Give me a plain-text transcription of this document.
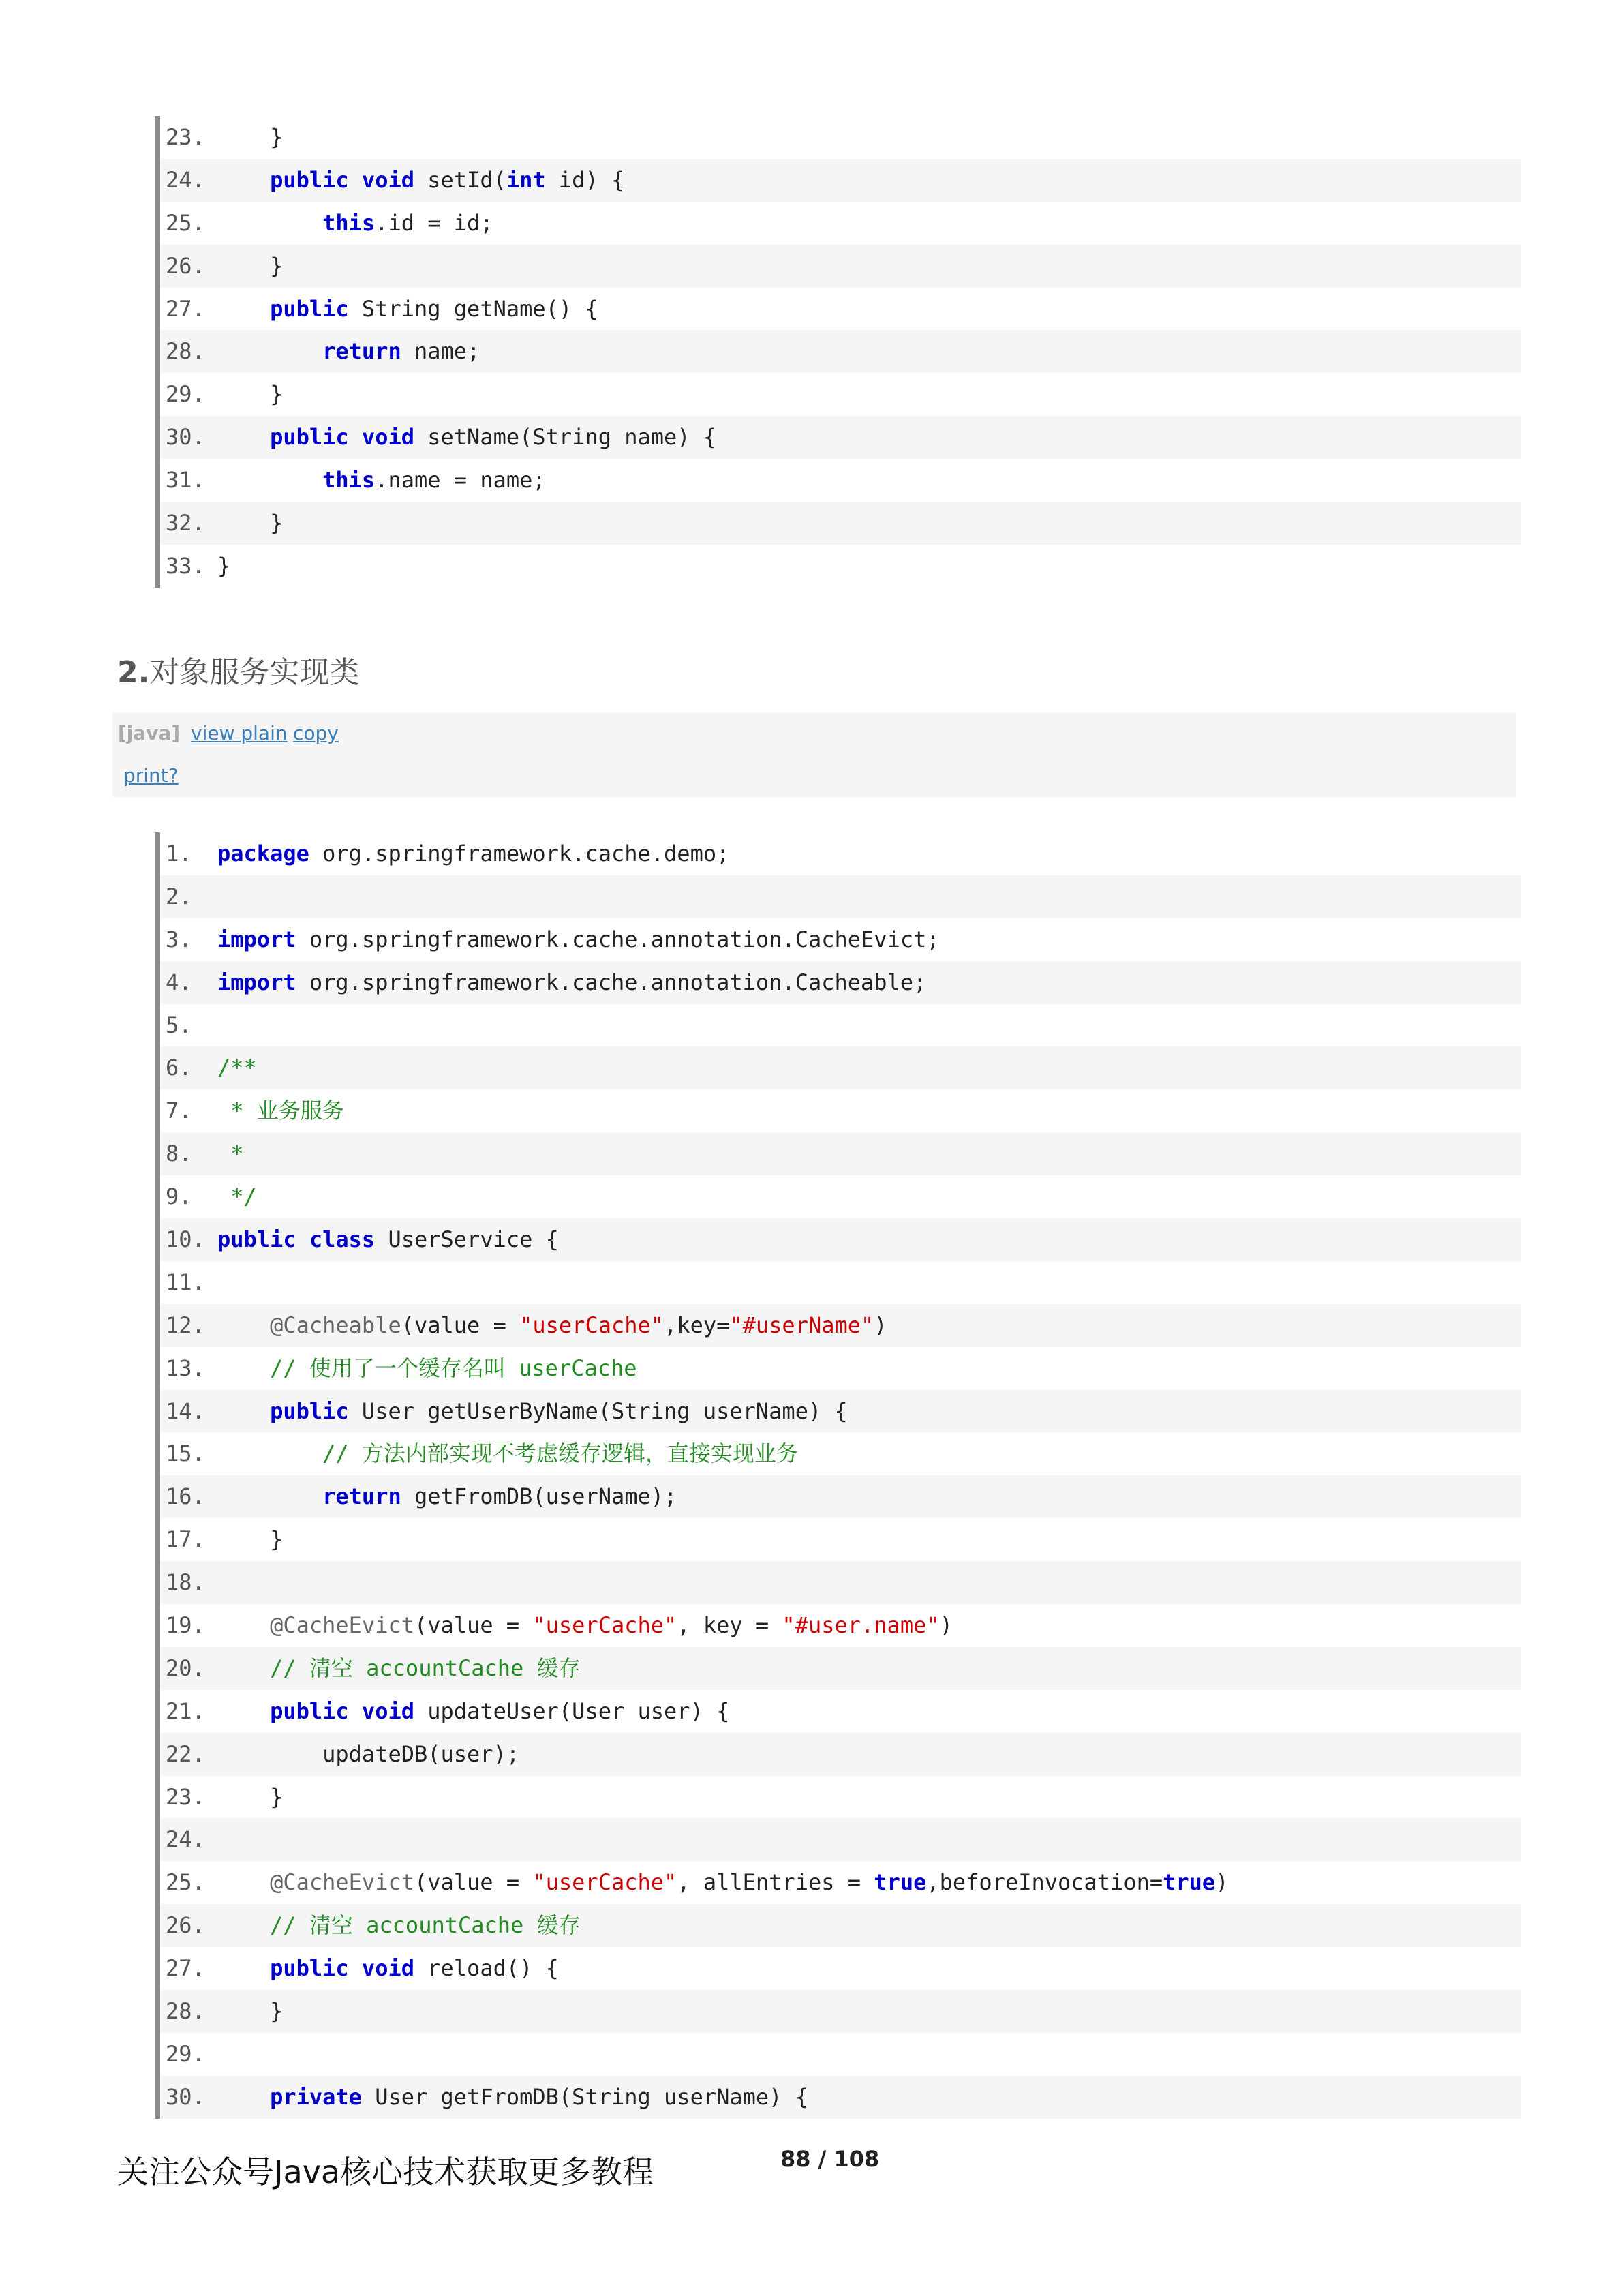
23.    }
24.	public void setId(int id) {
25.	this.id = id;
26.    }
27.	public String getName() {
28.	return name;
29.    }
30.	public void setName(String name) {
31.	this.name = name;
32.    }
33. }
2.对象服务实现类
[java] view plain copy
print?
1. package org.springframework.cache.demo;
2.
3. import org.springframework.cache.annotation.CacheEvict;
4. import org.springframework.cache.annotation.Cacheable;
5.
6. /**
7. * 业务服务
8. *
9. */
10. public class UserService {
11.
12.	@Cacheable(value = "userCache",key="#userName")
13.	// 使用了一个缓存名叫 userCache
14.	public User getUserByName(String userName) {
15.	// 方法内部实现不考虑缓存逻辑，直接实现业务
16.	return getFromDB(userName);
17.    }
18.
19.	@CacheEvict(value = "userCache", key = "#user.name")
20.	// 清空 accountCache 缓存
21.	public void updateUser(User user) {
22.        updateDB(user);
23.    }
24.
25.	@CacheEvict(value = "userCache", allEntries = true,beforeInvocation=true)
26.	// 清空 accountCache 缓存
27.	public void reload() {
28.    }
29.
30.	private User getFromDB(String userName) {
关注公众号Java核心技术获取更多教程	88 / 108
